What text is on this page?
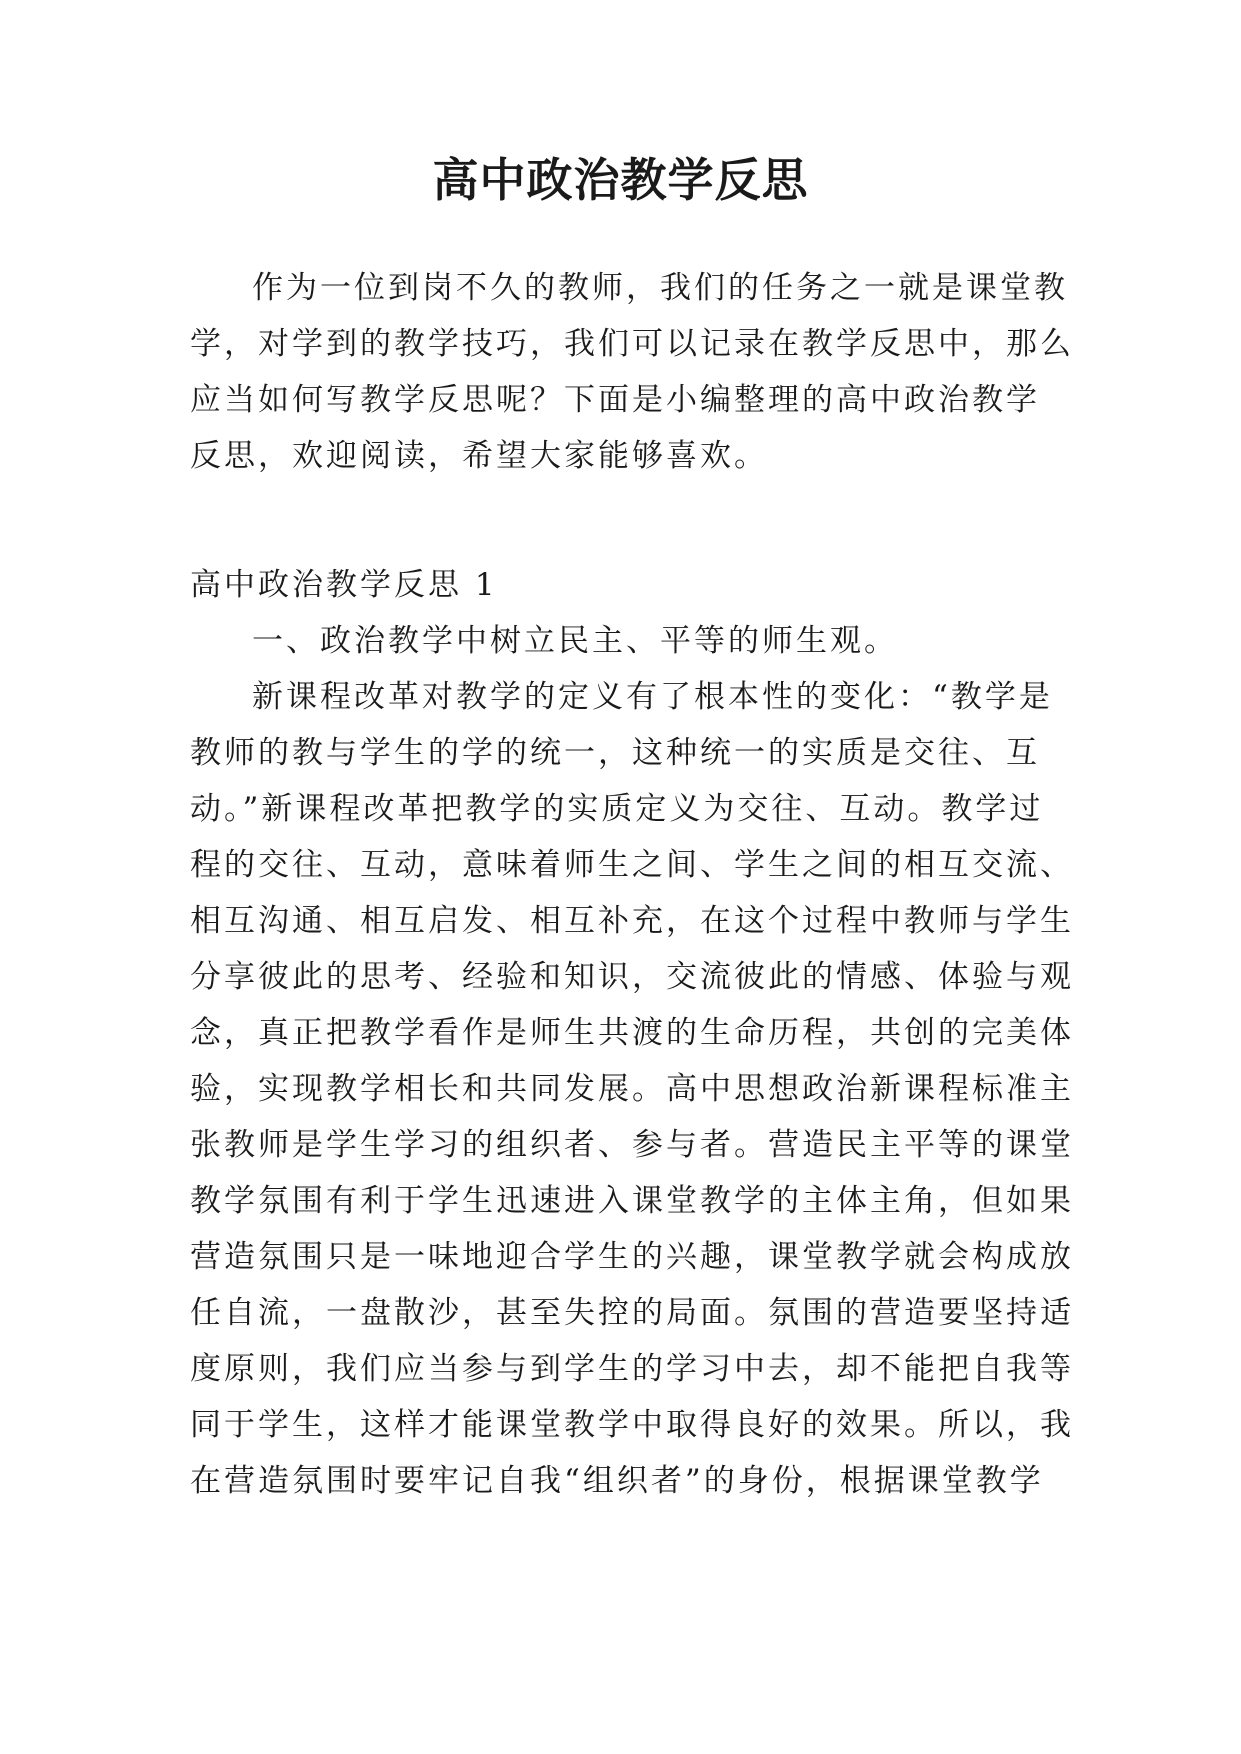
高中政治教学反思

作为一位到岗不久的教师，我们的任务之一就是课堂教

学，对学到的教学技巧，我们可以记录在教学反思中，那么

应当如何写教学反思呢？下面是小编整理的高中政治教学

反思，欢迎阅读，希望大家能够喜欢。

高中政治教学反思 1

一、政治教学中树立民主、平等的师生观。

新课程改革对教学的定义有了根本性的变化：“教学是

教师的教与学生的学的统一，这种统一的实质是交往、互

动。”新课程改革把教学的实质定义为交往、互动。教学过

程的交往、互动，意味着师生之间、学生之间的相互交流、

相互沟通、相互启发、相互补充，在这个过程中教师与学生

分享彼此的思考、经验和知识，交流彼此的情感、体验与观

念，真正把教学看作是师生共渡的生命历程，共创的完美体

验，实现教学相长和共同发展。高中思想政治新课程标准主

张教师是学生学习的组织者、参与者。营造民主平等的课堂

教学氛围有利于学生迅速进入课堂教学的主体主角，但如果

营造氛围只是一味地迎合学生的兴趣，课堂教学就会构成放

任自流，一盘散沙，甚至失控的局面。氛围的营造要坚持适

度原则，我们应当参与到学生的学习中去，却不能把自我等

同于学生，这样才能课堂教学中取得良好的效果。所以，我

在营造氛围时要牢记自我“组织者”的身份，根据课堂教学
